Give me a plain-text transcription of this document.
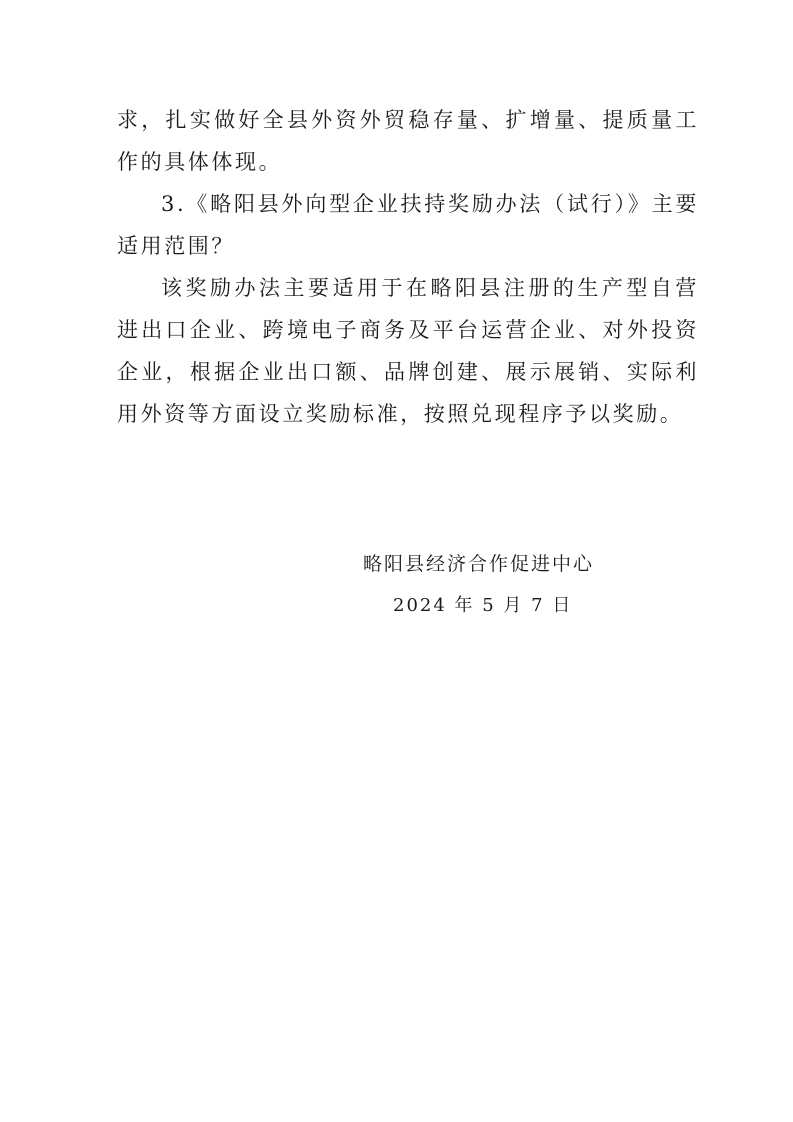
求，扎实做好全县外资外贸稳存量、扩增量、提质量工作的具体体现。

3.《略阳县外向型企业扶持奖励办法（试行）》主要适用范围？

该奖励办法主要适用于在略阳县注册的生产型自营进出口企业、跨境电子商务及平台运营企业、对外投资企业，根据企业出口额、品牌创建、展示展销、实际利用外资等方面设立奖励标准，按照兑现程序予以奖励。

略阳县经济合作促进中心
2024 年 5 月 7 日
